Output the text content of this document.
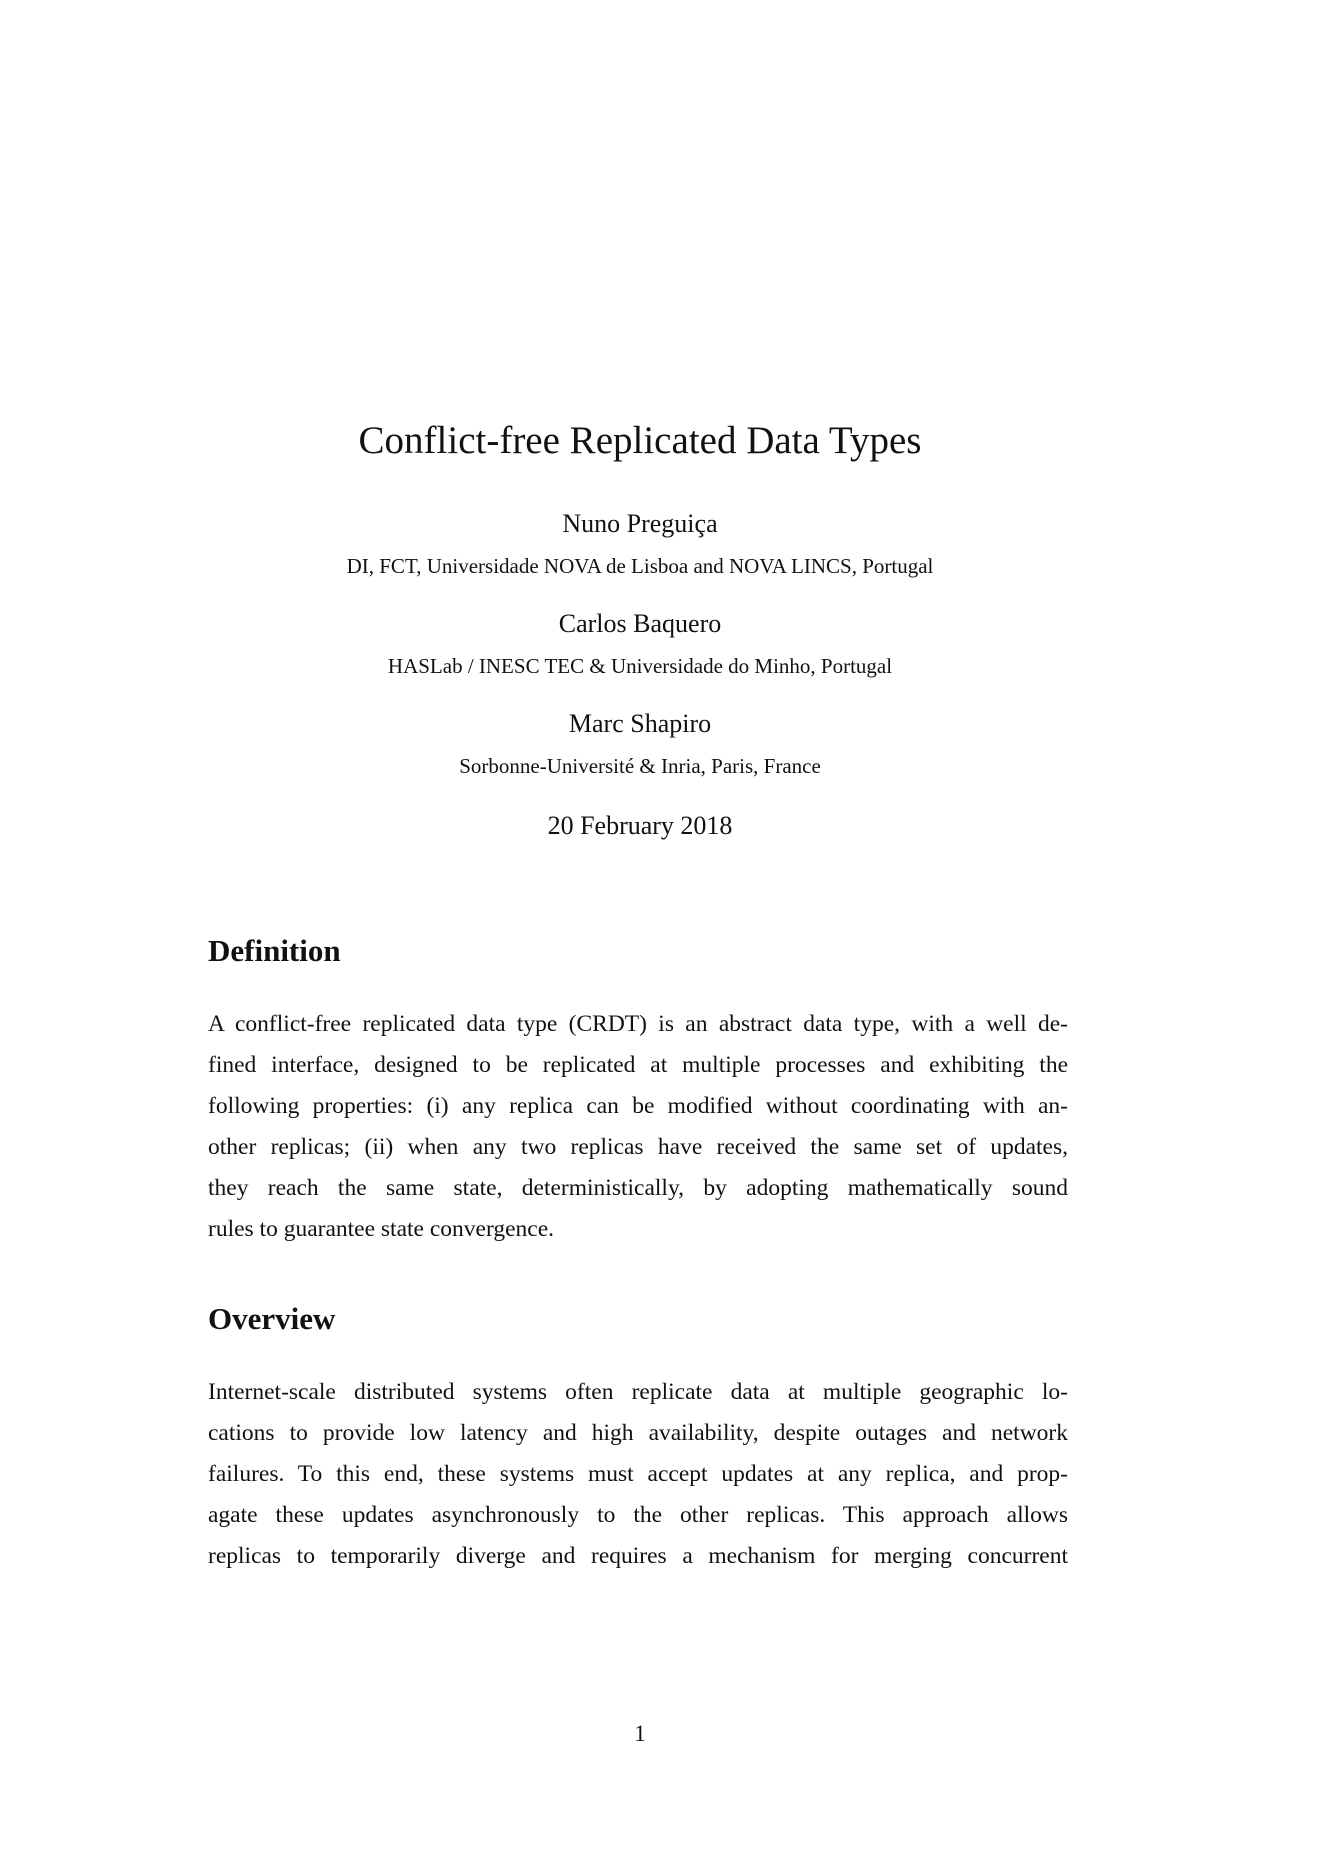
Conflict-free Replicated Data Types
Nuno Preguiça
DI, FCT, Universidade NOVA de Lisboa and NOVA LINCS, Portugal
Carlos Baquero
HASLab / INESC TEC & Universidade do Minho, Portugal
Marc Shapiro
Sorbonne-Université & Inria, Paris, France
20 February 2018
Definition
A conflict-free replicated data type (CRDT) is an abstract data type, with a well de-
fined interface, designed to be replicated at multiple processes and exhibiting the
following properties: (i) any replica can be modified without coordinating with an-
other replicas; (ii) when any two replicas have received the same set of updates,
they reach the same state, deterministically, by adopting mathematically sound
rules to guarantee state convergence.
Overview
Internet-scale distributed systems often replicate data at multiple geographic lo-
cations to provide low latency and high availability, despite outages and network
failures. To this end, these systems must accept updates at any replica, and prop-
agate these updates asynchronously to the other replicas. This approach allows
replicas to temporarily diverge and requires a mechanism for merging concurrent
1
